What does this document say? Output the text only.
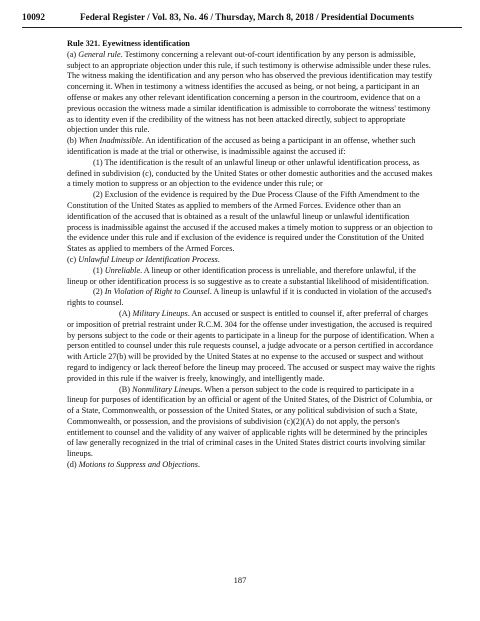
10092	Federal Register / Vol. 83, No. 46 / Thursday, March 8, 2018 / Presidential Documents

Rule 321. Eyewitness identification

(a) General rule. Testimony concerning a relevant out-of-court identification by any person is admissible, subject to an appropriate objection under this rule, if such testimony is otherwise admissible under these rules. The witness making the identification and any person who has observed the previous identification may testify concerning it. When in testimony a witness identifies the accused as being, or not being, a participant in an offense or makes any other relevant identification concerning a person in the courtroom, evidence that on a previous occasion the witness made a similar identification is admissible to corroborate the witness' testimony as to identity even if the credibility of the witness has not been attacked directly, subject to appropriate objection under this rule.

(b) When Inadmissible. An identification of the accused as being a participant in an offense, whether such identification is made at the trial or otherwise, is inadmissible against the accused if:

(1) The identification is the result of an unlawful lineup or other unlawful identification process, as defined in subdivision (c), conducted by the United States or other domestic authorities and the accused makes a timely motion to suppress or an objection to the evidence under this rule; or

(2) Exclusion of the evidence is required by the Due Process Clause of the Fifth Amendment to the Constitution of the United States as applied to members of the Armed Forces. Evidence other than an identification of the accused that is obtained as a result of the unlawful lineup or unlawful identification process is inadmissible against the accused if the accused makes a timely motion to suppress or an objection to the evidence under this rule and if exclusion of the evidence is required under the Constitution of the United States as applied to members of the Armed Forces.

(c) Unlawful Lineup or Identification Process.

(1) Unreliable. A lineup or other identification process is unreliable, and therefore unlawful, if the lineup or other identification process is so suggestive as to create a substantial likelihood of misidentification.

(2) In Violation of Right to Counsel. A lineup is unlawful if it is conducted in violation of the accused's rights to counsel.

(A) Military Lineups. An accused or suspect is entitled to counsel if, after preferral of charges or imposition of pretrial restraint under R.C.M. 304 for the offense under investigation, the accused is required by persons subject to the code or their agents to participate in a lineup for the purpose of identification. When a person entitled to counsel under this rule requests counsel, a judge advocate or a person certified in accordance with Article 27(b) will be provided by the United States at no expense to the accused or suspect and without regard to indigency or lack thereof before the lineup may proceed. The accused or suspect may waive the rights provided in this rule if the waiver is freely, knowingly, and intelligently made.

(B) Nonmilitary Lineups. When a person subject to the code is required to participate in a lineup for purposes of identification by an official or agent of the United States, of the District of Columbia, or of a State, Commonwealth, or possession of the United States, or any political subdivision of such a State, Commonwealth, or possession, and the provisions of subdivision (c)(2)(A) do not apply, the person's entitlement to counsel and the validity of any waiver of applicable rights will be determined by the principles of law generally recognized in the trial of criminal cases in the United States district courts involving similar lineups.

(d) Motions to Suppress and Objections.

187
